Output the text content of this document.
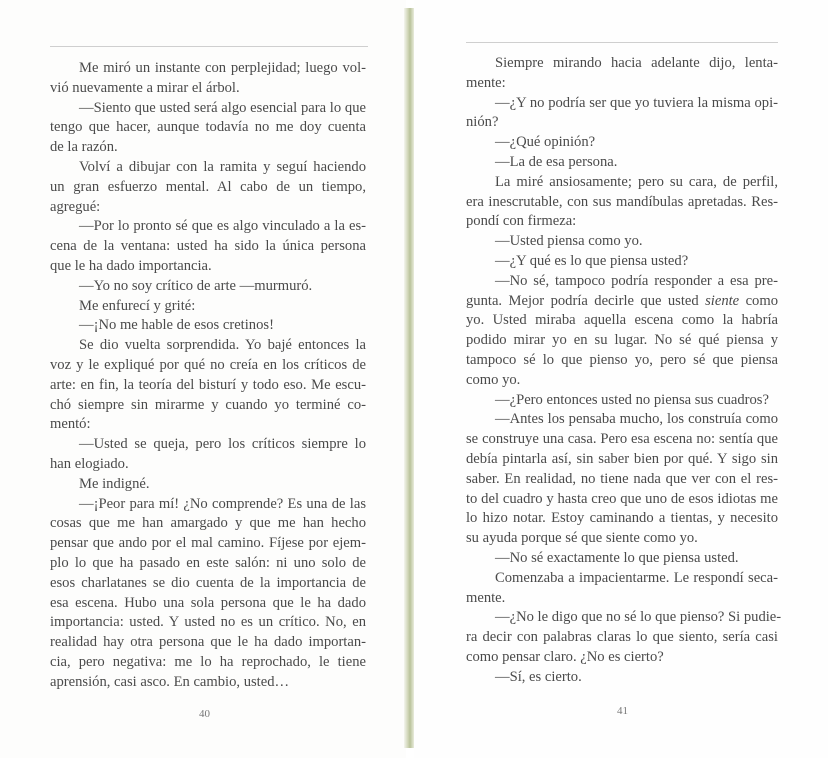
Me miró un instante con perplejidad; luego vol-
vió nuevamente a mirar el árbol.
—Siento que usted será algo esencial para lo que
tengo que hacer, aunque todavía no me doy cuenta
de la razón.
Volví a dibujar con la ramita y seguí haciendo
un gran esfuerzo mental. Al cabo de un tiempo,
agregué:
—Por lo pronto sé que es algo vinculado a la es-
cena de la ventana: usted ha sido la única persona
que le ha dado importancia.
—Yo no soy crítico de arte —murmuró.
Me enfurecí y grité:
—¡No me hable de esos cretinos!
Se dio vuelta sorprendida. Yo bajé entonces la
voz y le expliqué por qué no creía en los críticos de
arte: en fin, la teoría del bisturí y todo eso. Me escu-
chó siempre sin mirarme y cuando yo terminé co-
mentó:
—Usted se queja, pero los críticos siempre lo
han elogiado.
Me indigné.
—¡Peor para mí! ¿No comprende? Es una de las
cosas que me han amargado y que me han hecho
pensar que ando por el mal camino. Fíjese por ejem-
plo lo que ha pasado en este salón: ni uno solo de
esos charlatanes se dio cuenta de la importancia de
esa escena. Hubo una sola persona que le ha dado
importancia: usted. Y usted no es un crítico. No, en
realidad hay otra persona que le ha dado importan-
cia, pero negativa: me lo ha reprochado, le tiene
aprensión, casi asco. En cambio, usted…
40
Siempre mirando hacia adelante dijo, lenta-
mente:
—¿Y no podría ser que yo tuviera la misma opi-
nión?
—¿Qué opinión?
—La de esa persona.
La miré ansiosamente; pero su cara, de perfil,
era inescrutable, con sus mandíbulas apretadas. Res-
pondí con firmeza:
—Usted piensa como yo.
—¿Y qué es lo que piensa usted?
—No sé, tampoco podría responder a esa pre-
gunta. Mejor podría decirle que usted siente como
yo. Usted miraba aquella escena como la habría
podido mirar yo en su lugar. No sé qué piensa y
tampoco sé lo que pienso yo, pero sé que piensa
como yo.
—¿Pero entonces usted no piensa sus cuadros?
—Antes los pensaba mucho, los construía como
se construye una casa. Pero esa escena no: sentía que
debía pintarla así, sin saber bien por qué. Y sigo sin
saber. En realidad, no tiene nada que ver con el res-
to del cuadro y hasta creo que uno de esos idiotas me
lo hizo notar. Estoy caminando a tientas, y necesito
su ayuda porque sé que siente como yo.
—No sé exactamente lo que piensa usted.
Comenzaba a impacientarme. Le respondí seca-
mente.
—¿No le digo que no sé lo que pienso? Si pudie-
ra decir con palabras claras lo que siento, sería casi
como pensar claro. ¿No es cierto?
—Sí, es cierto.
41
